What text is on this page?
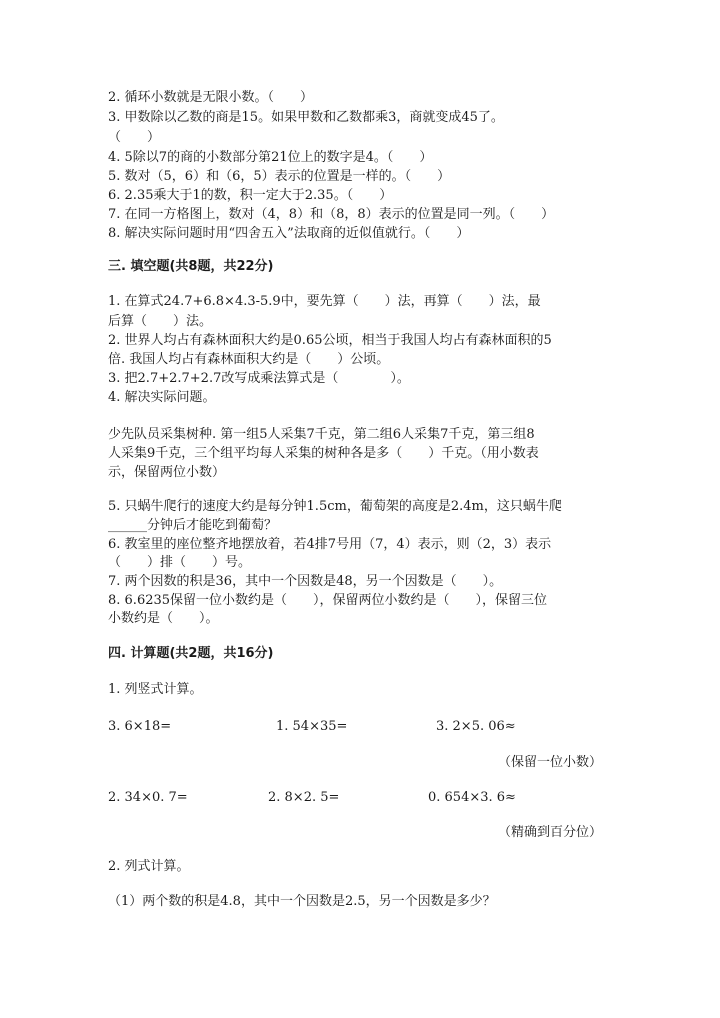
2. 循环小数就是无限小数。（　　）
3. 甲数除以乙数的商是15。如果甲数和乙数都乘3，商就变成45了。
（　　）
4. 5除以7的商的小数部分第21位上的数字是4。（　　）
5. 数对（5，6）和（6，5）表示的位置是一样的。（　　）
6. 2.35乘大于1的数，积一定大于2.35。（　　）
7. 在同一方格图上，数对（4，8）和（8，8）表示的位置是同一列。（　　）
8. 解决实际问题时用“四舍五入”法取商的近似值就行。（　　）
三. 填空题(共8题，共22分)
1. 在算式24.7+6.8×4.3-5.9中，要先算（　　）法，再算（　　）法，最
后算（　　）法。
2. 世界人均占有森林面积大约是0.65公顷，相当于我国人均占有森林面积的5
倍. 我国人均占有森林面积大约是（　　）公顷。
3. 把2.7+2.7+2.7改写成乘法算式是（　　　　）。
4. 解决实际问题。
少先队员采集树种. 第一组5人采集7千克，第二组6人采集7千克，第三组8
人采集9千克，三个组平均每人采集的树种各是多（　　）千克。（用小数表
示，保留两位小数）
5. 只蜗牛爬行的速度大约是每分钟1.5cm，葡萄架的高度是2.4m，这只蜗牛爬
______分钟后才能吃到葡萄？
6. 教室里的座位整齐地摆放着，若4排7号用（7，4）表示，则（2，3）表示
（　　）排（　　）号。
7. 两个因数的积是36，其中一个因数是48，另一个因数是（　　）。
8. 6.6235保留一位小数约是（　　），保留两位小数约是（　　），保留三位
小数约是（　　）。
四. 计算题(共2题，共16分)
1. 列竖式计算。
3. 6×18=	1. 54×35=	3. 2×5. 06≈
（保留一位小数）
2. 34×0. 7=	2. 8×2. 5=	0. 654×3. 6≈
（精确到百分位）
2. 列式计算。
（1）两个数的积是4.8，其中一个因数是2.5，另一个因数是多少？
